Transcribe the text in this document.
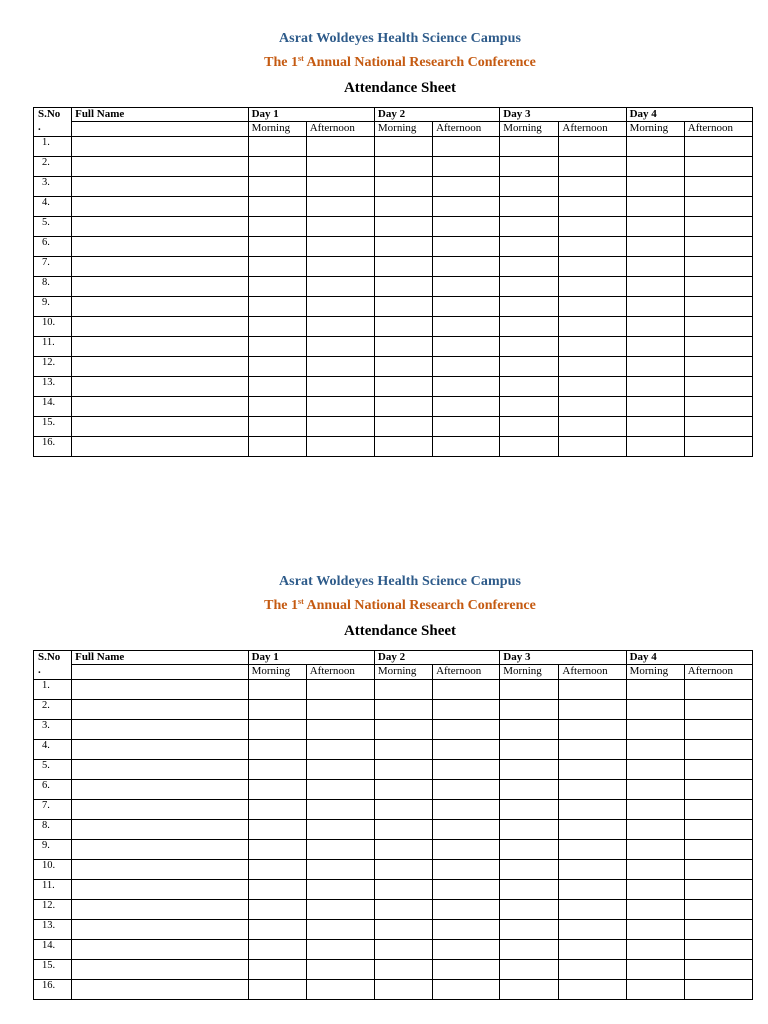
Asrat Woldeyes Health Science Campus
The 1st Annual National Research Conference
Attendance Sheet
S.No
.	Full Name	Day 1		Day 2		Day 3		Day 4	
		Morning	Afternoon	Morning	Afternoon	Morning	Afternoon	Morning	Afternoon
1.									
2.									
3.									
4.									
5.									
6.									
7.									
8.									
9.									
10.									
11.									
12.									
13.									
14.									
15.									
16.									
Asrat Woldeyes Health Science Campus
The 1st Annual National Research Conference
Attendance Sheet
S.No
.	Full Name	Day 1		Day 2		Day 3		Day 4	
		Morning	Afternoon	Morning	Afternoon	Morning	Afternoon	Morning	Afternoon
1.									
2.									
3.									
4.									
5.									
6.									
7.									
8.									
9.									
10.									
11.									
12.									
13.									
14.									
15.									
16.									
